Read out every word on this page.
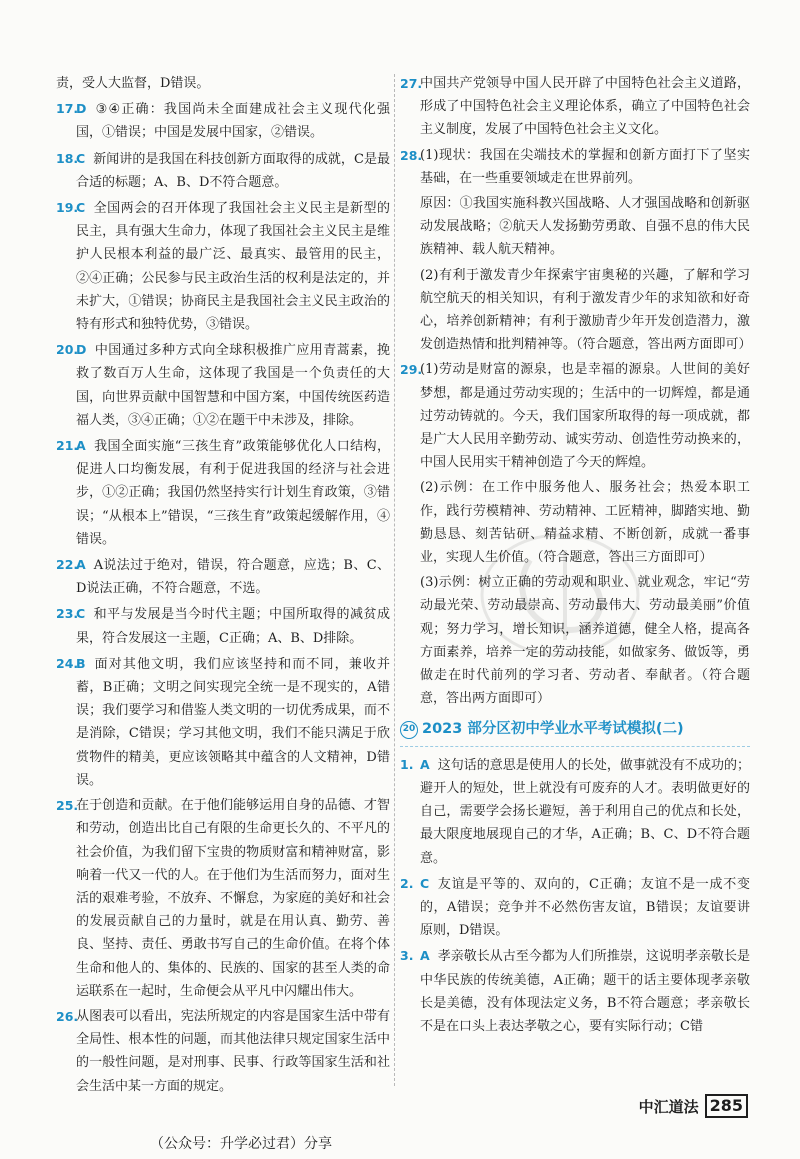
责，受人大监督，D错误。

17.

D ③④正确：我国尚未全面建成社会主义现代化强国，①错误；中国是发展中国家，②错误。

18.

C 新闻讲的是我国在科技创新方面取得的成就，C是最合适的标题；A、B、D不符合题意。

19.

C 全国两会的召开体现了我国社会主义民主是新型的民主，具有强大生命力，体现了我国社会主义民主是维护人民根本利益的最广泛、最真实、最管用的民主，②④正确；公民参与民主政治生活的权利是法定的，并未扩大，①错误；协商民主是我国社会主义民主政治的特有形式和独特优势，③错误。

20.

D 中国通过多种方式向全球积极推广应用青蒿素，挽救了数百万人生命，这体现了我国是一个负责任的大国，向世界贡献中国智慧和中国方案，中国传统医药造福人类，③④正确；①②在题干中未涉及，排除。

21.

A 我国全面实施“三孩生育”政策能够优化人口结构，促进人口均衡发展，有利于促进我国的经济与社会进步，①②正确；我国仍然坚持实行计划生育政策，③错误；“从根本上”错误，“三孩生育”政策起缓解作用，④错误。

22.

A A说法过于绝对，错误，符合题意，应选；B、C、D说法正确，不符合题意，不选。

23.

C 和平与发展是当今时代主题；中国所取得的减贫成果，符合发展这一主题，C正确；A、B、D排除。

24.

B 面对其他文明，我们应该坚持和而不同，兼收并蓄，B正确；文明之间实现完全统一是不现实的，A错误；我们要学习和借鉴人类文明的一切优秀成果，而不是消除，C错误；学习其他文明，我们不能只满足于欣赏物件的精美，更应该领略其中蕴含的人文精神，D错误。

25.

在于创造和贡献。在于他们能够运用自身的品德、才智和劳动，创造出比自己有限的生命更长久的、不平凡的社会价值，为我们留下宝贵的物质财富和精神财富，影响着一代又一代的人。在于他们为生活而努力，面对生活的艰难考验，不放弃、不懈怠，为家庭的美好和社会的发展贡献自己的力量时，就是在用认真、勤劳、善良、坚持、责任、勇敢书写自己的生命价值。在将个体生命和他人的、集体的、民族的、国家的甚至人类的命运联系在一起时，生命便会从平凡中闪耀出伟大。

26.

从图表可以看出，宪法所规定的内容是国家生活中带有全局性、根本性的问题，而其他法律只规定国家生活中的一般性问题，是对刑事、民事、行政等国家生活和社会生活中某一方面的规定。

27.

中国共产党领导中国人民开辟了中国特色社会主义道路，形成了中国特色社会主义理论体系，确立了中国特色社会主义制度，发展了中国特色社会主义文化。

28.

(1)现状：我国在尖端技术的掌握和创新方面打下了坚实基础，在一些重要领域走在世界前列。

原因：①我国实施科教兴国战略、人才强国战略和创新驱动发展战略；②航天人发扬勤劳勇敢、自强不息的伟大民族精神、载人航天精神。

(2)有利于激发青少年探索宇宙奥秘的兴趣，了解和学习航空航天的相关知识，有利于激发青少年的求知欲和好奇心，培养创新精神；有利于激励青少年开发创造潜力，激发创造热情和批判精神等。（符合题意，答出两方面即可）

29.

(1)劳动是财富的源泉，也是幸福的源泉。人世间的美好梦想，都是通过劳动实现的；生活中的一切辉煌，都是通过劳动铸就的。今天，我们国家所取得的每一项成就，都是广大人民用辛勤劳动、诚实劳动、创造性劳动换来的，中国人民用实干精神创造了今天的辉煌。

(2)示例：在工作中服务他人、服务社会；热爱本职工作，践行劳模精神、劳动精神、工匠精神，脚踏实地、勤勤恳恳、刻苦钻研、精益求精、不断创新，成就一番事业，实现人生价值。（符合题意，答出三方面即可）

(3)示例：树立正确的劳动观和职业、就业观念，牢记“劳动最光荣、劳动最崇高、劳动最伟大、劳动最美丽”价值观；努力学习，增长知识，涵养道德，健全人格，提高各方面素养，培养一定的劳动技能，如做家务、做饭等，勇做走在时代前列的学习者、劳动者、奉献者。（符合题意，答出两方面即可）

20 2023 部分区初中学业水平考试模拟(二)
1. A 这句话的意思是使用人的长处，做事就没有不成功的；避开人的短处，世上就没有可废弃的人才。表明做更好的自己，需要学会扬长避短，善于利用自己的优点和长处，最大限度地展现自己的才华，A正确；B、C、D不符合题意。

2. C 友谊是平等的、双向的，C正确；友谊不是一成不变的，A错误；竞争并不必然伤害友谊，B错误；友谊要讲原则，D错误。

3. A 孝亲敬长从古至今都为人们所推崇，这说明孝亲敬长是中华民族的传统美德，A正确；题干的话主要体现孝亲敬长是美德，没有体现法定义务，B不符合题意；孝亲敬长不是在口头上表达孝敬之心，要有实际行动；C错

中汇道法 285
（公众号：升学必过君）分享
